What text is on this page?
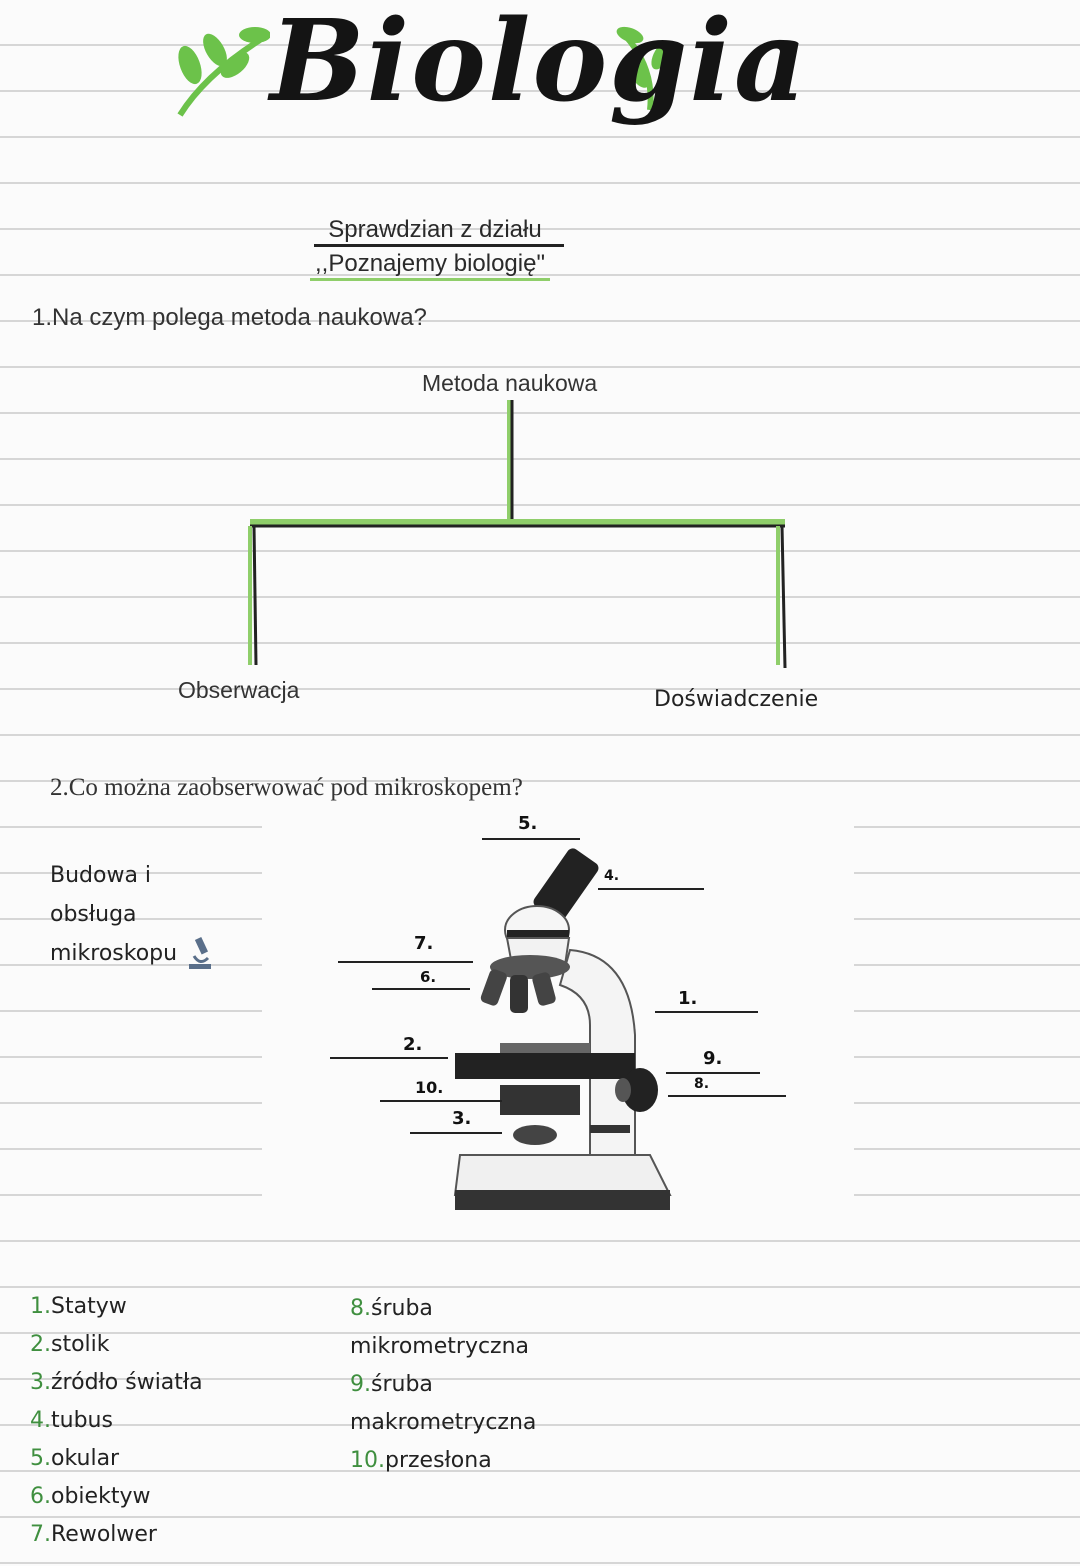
Biologia
Sprawdzian z działu
,,Poznajemy biologię"
1.Na czym polega metoda naukowa?
Metoda naukowa
Obserwacja	Doświadczenie
2.Co można zaobserwować pod mikroskopem?
Budowa i
obsługa
mikroskopu
5.
4.
7.
6.
1.
2.
9.
8.
10.
3.
1.Statyw
2.stolik
3.źródło światła
4.tubus
5.okular
6.obiektyw
7.Rewolwer
8.śruba
mikrometryczna
9.śruba
makrometryczna
10.przesłona
